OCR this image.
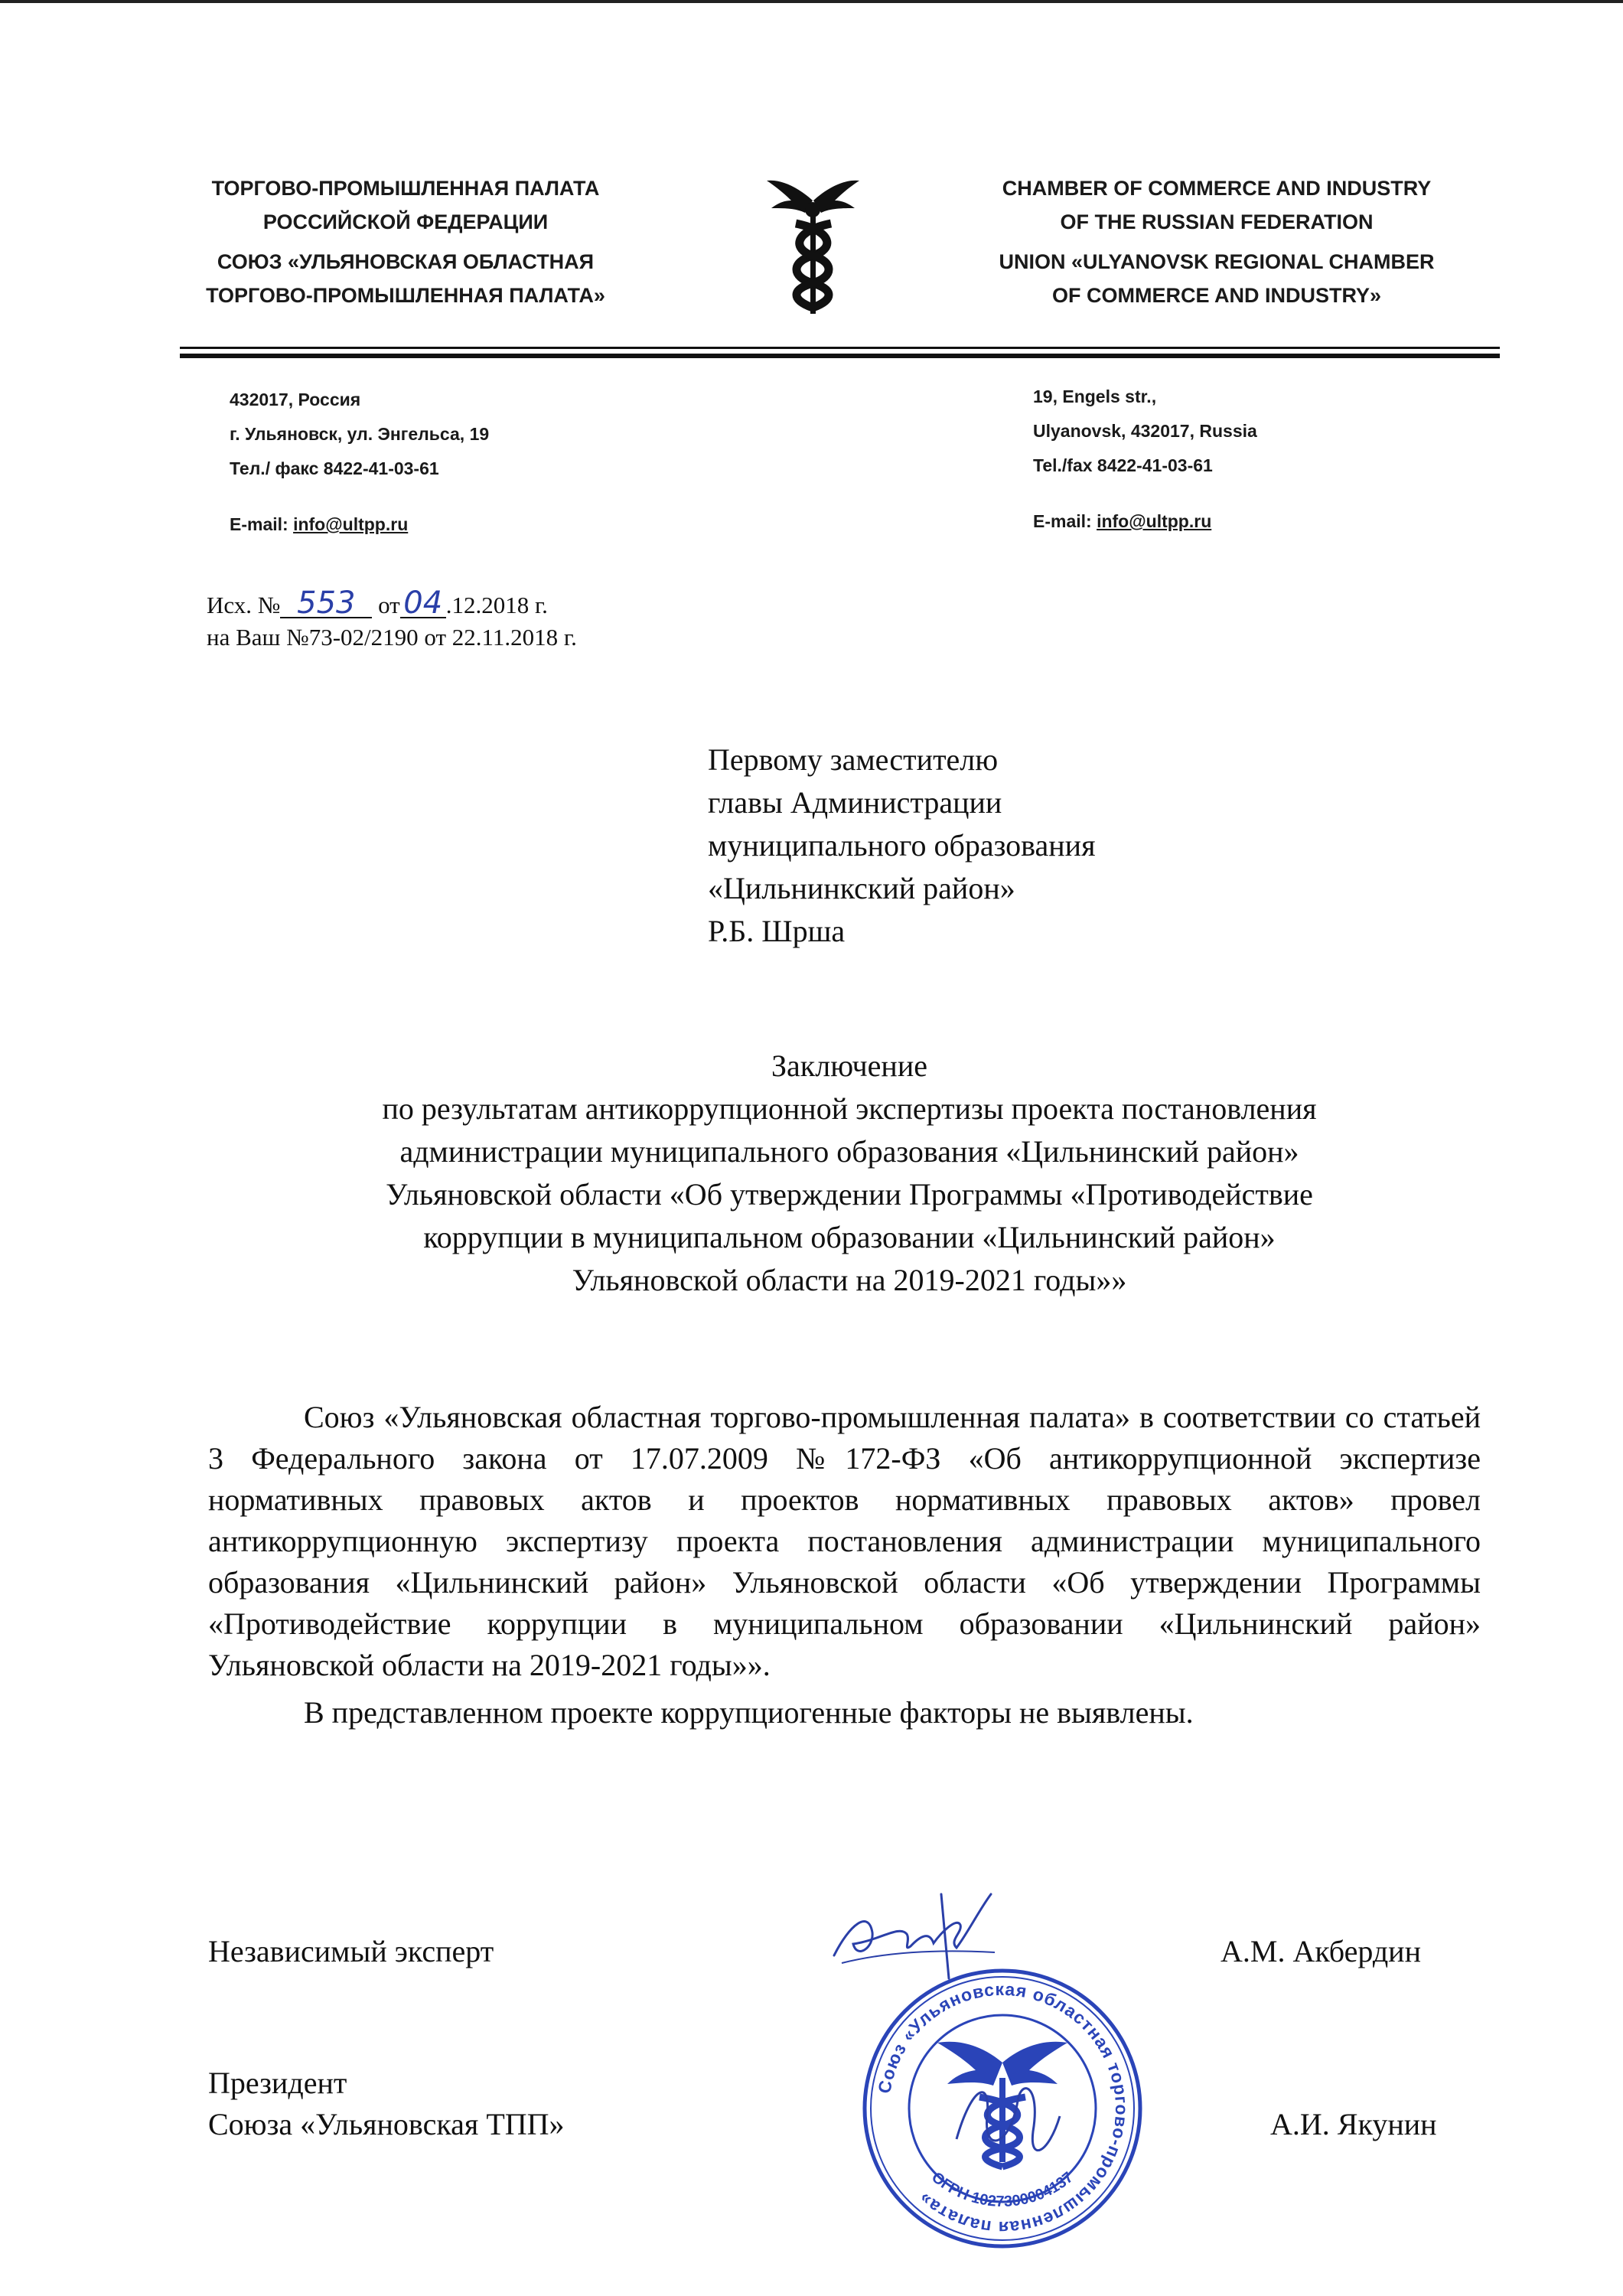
ТОРГОВО-ПРОМЫШЛЕННАЯ ПАЛАТА
РОССИЙСКОЙ ФЕДЕРАЦИИ
СОЮЗ «УЛЬЯНОВСКАЯ ОБЛАСТНАЯ
ТОРГОВО-ПРОМЫШЛЕННАЯ ПАЛАТА»
CHAMBER OF COMMERCE AND INDUSTRY
OF THE RUSSIAN FEDERATION
UNION «ULYANOVSK REGIONAL CHAMBER
OF COMMERCE AND INDUSTRY»
432017, Россия
г. Ульяновск, ул. Энгельса, 19
Тел./ факс 8422-41-03-61
E-mail: info@ultpp.ru
19, Engels str.,
Ulyanovsk, 432017, Russia
Tel./fax 8422-41-03-61
E-mail: info@ultpp.ru
Исх. № 553 от 04 .12.2018 г.
на Ваш №73-02/2190 от 22.11.2018 г.
Первому заместителю
главы Администрации
муниципального образования
«Цильнинкский район»
Р.Б. Шрша
Заключение
по результатам антикоррупционной экспертизы проекта постановления
администрации муниципального образования «Цильнинский район»
Ульяновской области «Об утверждении Программы «Противодействие
коррупции в муниципальном образовании «Цильнинский район»
Ульяновской области на 2019-2021 годы»»
Союз «Ульяновская областная торгово-промышленная палата» в соответствии со статьей 3 Федерального закона от 17.07.2009 №172-ФЗ «Об антикоррупционной экспертизе нормативных правовых актов и проектов нормативных правовых актов» провел антикоррупционную экспертизу проекта постановления администрации муниципального образования «Цильнинский район» Ульяновской области «Об утверждении Программы «Противодействие коррупции в муниципальном образовании «Цильнинский район» Ульяновской области на 2019-2021 годы»».
В представленном проекте коррупциогенные факторы не выявлены.
Независимый эксперт	А.М. Акбердин
Президент
Союза «Ульяновская ТПП»	А.И. Якунин
Союз «Ульяновская областная торгово-промышленная палата»
ОГРН 1027300004137
